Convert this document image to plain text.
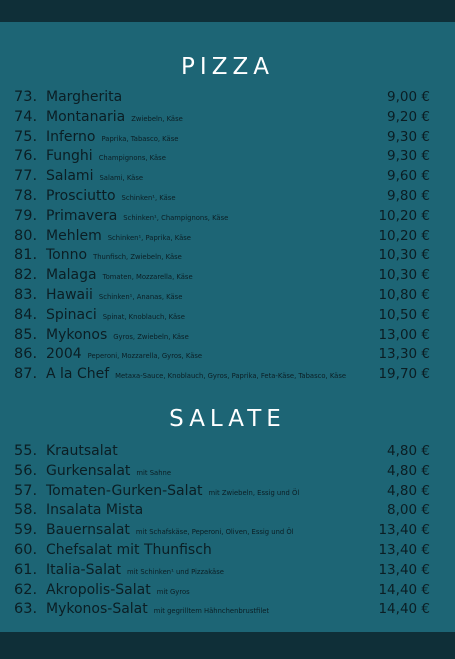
PIZZA
73. Margherita	9,00 €
74. Montanaria Zwiebeln, Käse	9,20 €
75. Inferno Paprika, Tabasco, Käse	9,30 €
76. Funghi Champignons, Käse	9,30 €
77. Salami Salami, Käse	9,60 €
78. Prosciutto Schinken¹, Käse	9,80 €
79. Primavera Schinken¹, Champignons, Käse	10,20 €
80. Mehlem Schinken¹, Paprika, Käse	10,20 €
81. Tonno Thunfisch, Zwiebeln, Käse	10,30 €
82. Malaga Tomaten, Mozzarella, Käse	10,30 €
83. Hawaii Schinken¹, Ananas, Käse	10,80 €
84. Spinaci Spinat, Knoblauch, Käse	10,50 €
85. Mykonos Gyros, Zwiebeln, Käse	13,00 €
86. 2004 Peperoni, Mozzarella, Gyros, Käse	13,30 €
87. A la Chef Metaxa-Sauce, Knoblauch, Gyros, Paprika, Feta-Käse, Tabasco, Käse 19,70 €
SALATE
55. Krautsalat	4,80 €
56. Gurkensalat mit Sahne	4,80 €
57. Tomaten-Gurken-Salat mit Zwiebeln, Essig und Öl	4,80 €
58. Insalata Mista	8,00 €
59. Bauernsalat mit Schafskäse, Peperoni, Oliven, Essig und Öl	13,40 €
60. Chefsalat mit Thunfisch	13,40 €
61. Italia-Salat mit Schinken¹ und Pizzakäse	13,40 €
62. Akropolis-Salat mit Gyros	14,40 €
63. Mykonos-Salat mit gegrilltem Hähnchenbrustfilet	14,40 €
